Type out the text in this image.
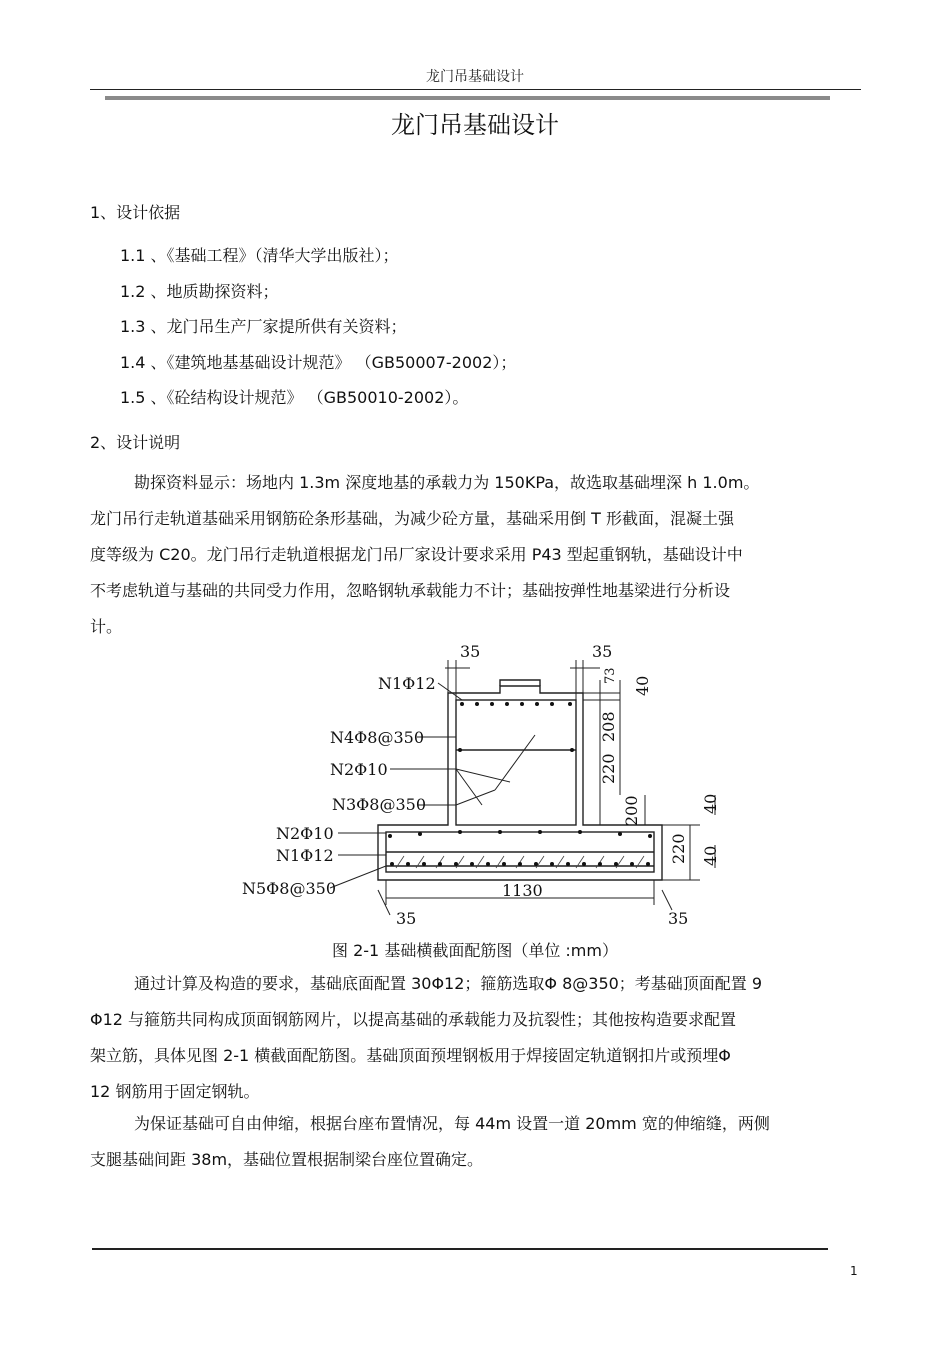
龙门吊基础设计
龙门吊基础设计
1、设计依据
1.1 、《基础工程》（清华大学出版社）；
1.2 、地质勘探资料；
1.3 、龙门吊生产厂家提所供有关资料；
1.4 、《建筑地基基础设计规范》 （GB50007-2002）；
1.5 、《砼结构设计规范》 （GB50010-2002）。
2、设计说明
勘探资料显示：场地内 1.3m 深度地基的承载力为 150KPa，故选取基础埋深 h 1.0m。
龙门吊行走轨道基础采用钢筋砼条形基础，为减少砼方量，基础采用倒 T 形截面，混凝土强
度等级为 C20。龙门吊行走轨道根据龙门吊厂家设计要求采用 P43 型起重钢轨，基础设计中
不考虑轨道与基础的共同受力作用，忽略钢轨承载能力不计；基础按弹性地基梁进行分析设
计。
N1Φ12
N4Φ8@350
N2Φ10
N3Φ8@350
N2Φ10
N1Φ12
N5Φ8@350
35	35
1130
35	35
73 40
208
220
200	40
220 40
图 2-1 基础横截面配筋图（单位 :mm）
通过计算及构造的要求，基础底面配置 30Φ12；箍筋选取Φ 8@350；考基础顶面配置 9
Φ12 与箍筋共同构成顶面钢筋网片，以提高基础的承载能力及抗裂性；其他按构造要求配置
架立筋，具体见图 2-1 横截面配筋图。基础顶面预埋钢板用于焊接固定轨道钢扣片或预埋Φ
12 钢筋用于固定钢轨。
为保证基础可自由伸缩，根据台座布置情况，每 44m 设置一道 20mm 宽的伸缩缝，两侧
支腿基础间距 38m，基础位置根据制梁台座位置确定。
1
